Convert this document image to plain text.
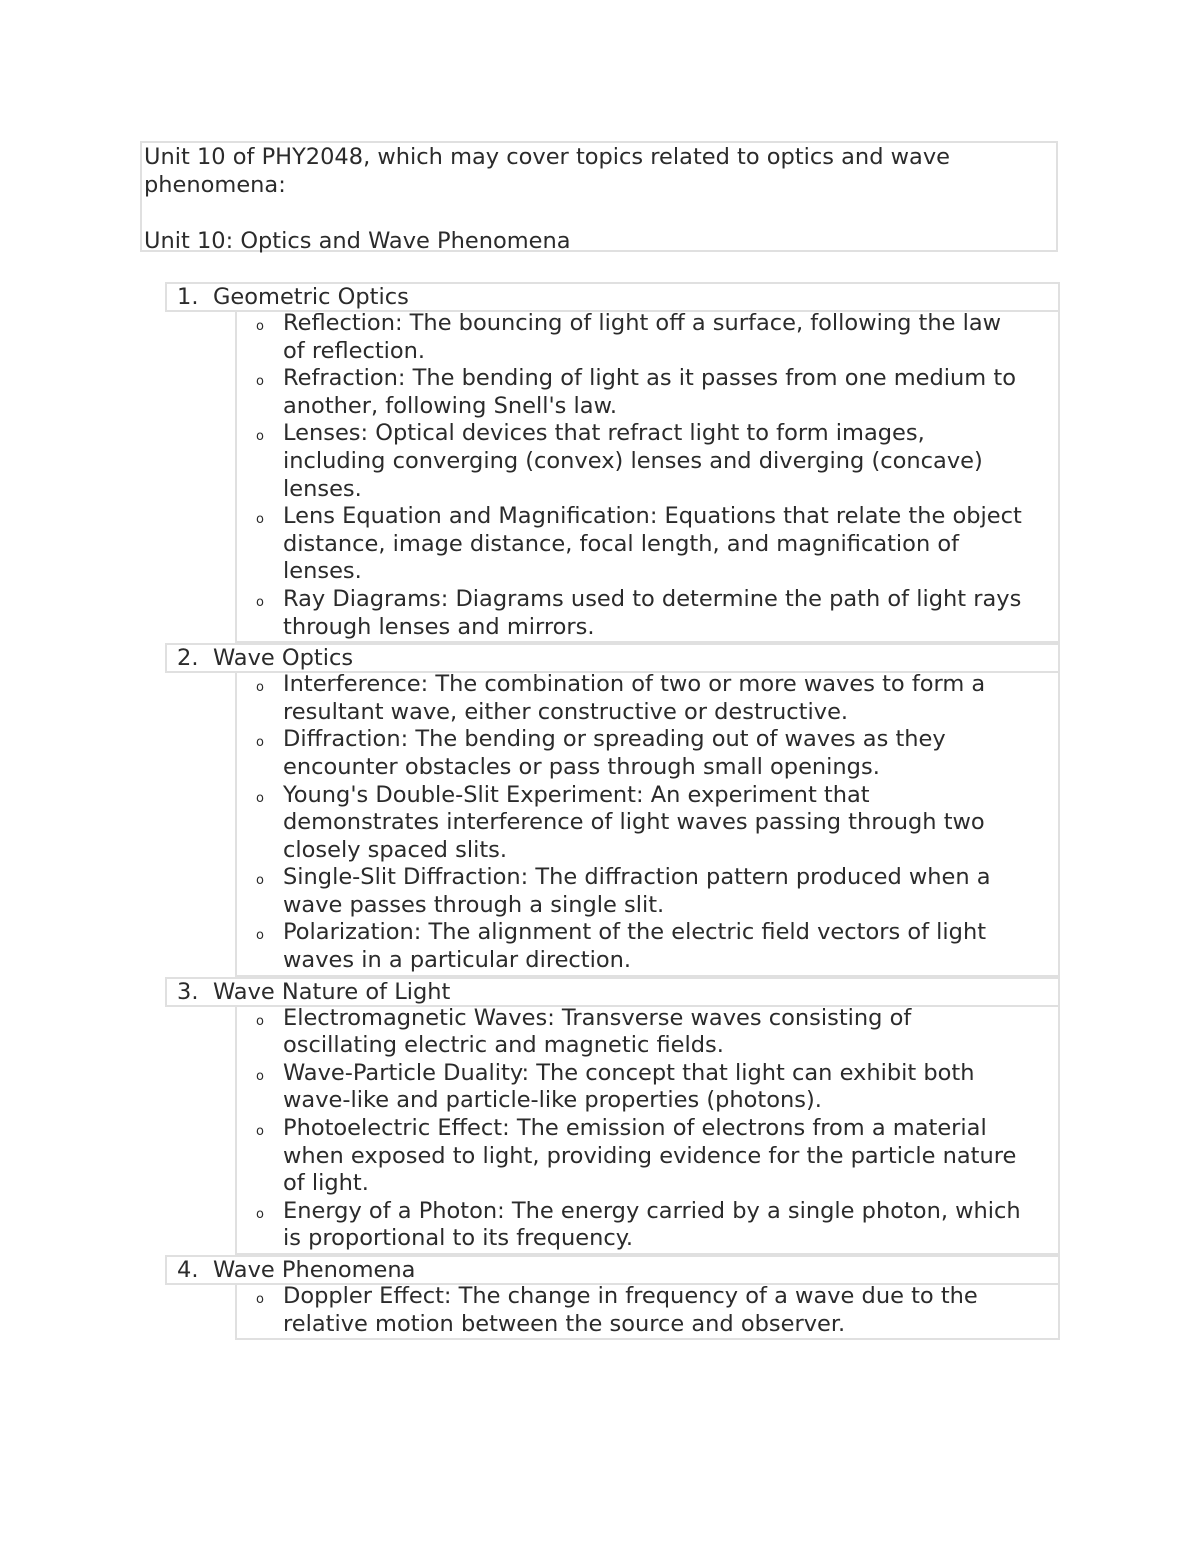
Unit 10 of PHY2048, which may cover topics related to optics and wave
phenomena:

Unit 10: Optics and Wave Phenomena

1. Geometric Optics
o Reflection: The bouncing of light off a surface, following the law
of reflection.
o Refraction: The bending of light as it passes from one medium to
another, following Snell's law.
o Lenses: Optical devices that refract light to form images,
including converging (convex) lenses and diverging (concave)
lenses.
o Lens Equation and Magnification: Equations that relate the object
distance, image distance, focal length, and magnification of
lenses.
o Ray Diagrams: Diagrams used to determine the path of light rays
through lenses and mirrors.
2. Wave Optics
o Interference: The combination of two or more waves to form a
resultant wave, either constructive or destructive.
o Diffraction: The bending or spreading out of waves as they
encounter obstacles or pass through small openings.
o Young's Double-Slit Experiment: An experiment that
demonstrates interference of light waves passing through two
closely spaced slits.
o Single-Slit Diffraction: The diffraction pattern produced when a
wave passes through a single slit.
o Polarization: The alignment of the electric field vectors of light
waves in a particular direction.
3. Wave Nature of Light
o Electromagnetic Waves: Transverse waves consisting of
oscillating electric and magnetic fields.
o Wave-Particle Duality: The concept that light can exhibit both
wave-like and particle-like properties (photons).
o Photoelectric Effect: The emission of electrons from a material
when exposed to light, providing evidence for the particle nature
of light.
o Energy of a Photon: The energy carried by a single photon, which
is proportional to its frequency.
4. Wave Phenomena
o Doppler Effect: The change in frequency of a wave due to the
relative motion between the source and observer.
